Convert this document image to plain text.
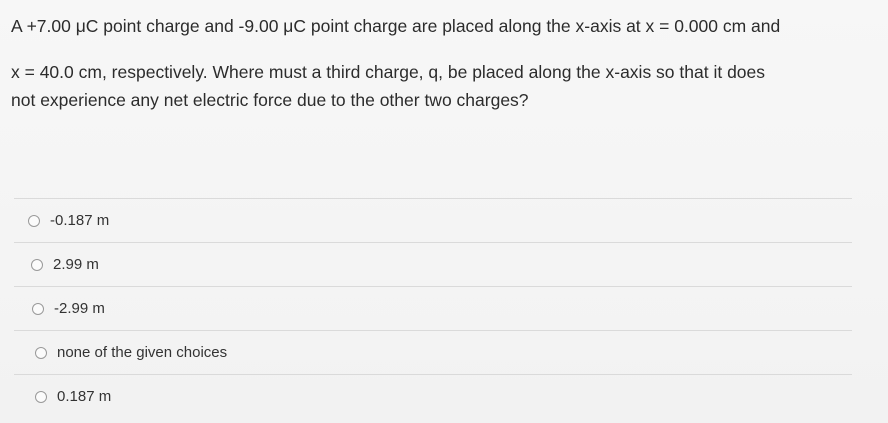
A +7.00 μC point charge and -9.00 μC point charge are placed along the x-axis at x = 0.000 cm and
x = 40.0 cm, respectively. Where must a third charge, q, be placed along the x-axis so that it does
not experience any net electric force due to the other two charges?
-0.187 m
2.99 m
-2.99 m
none of the given choices
0.187 m
